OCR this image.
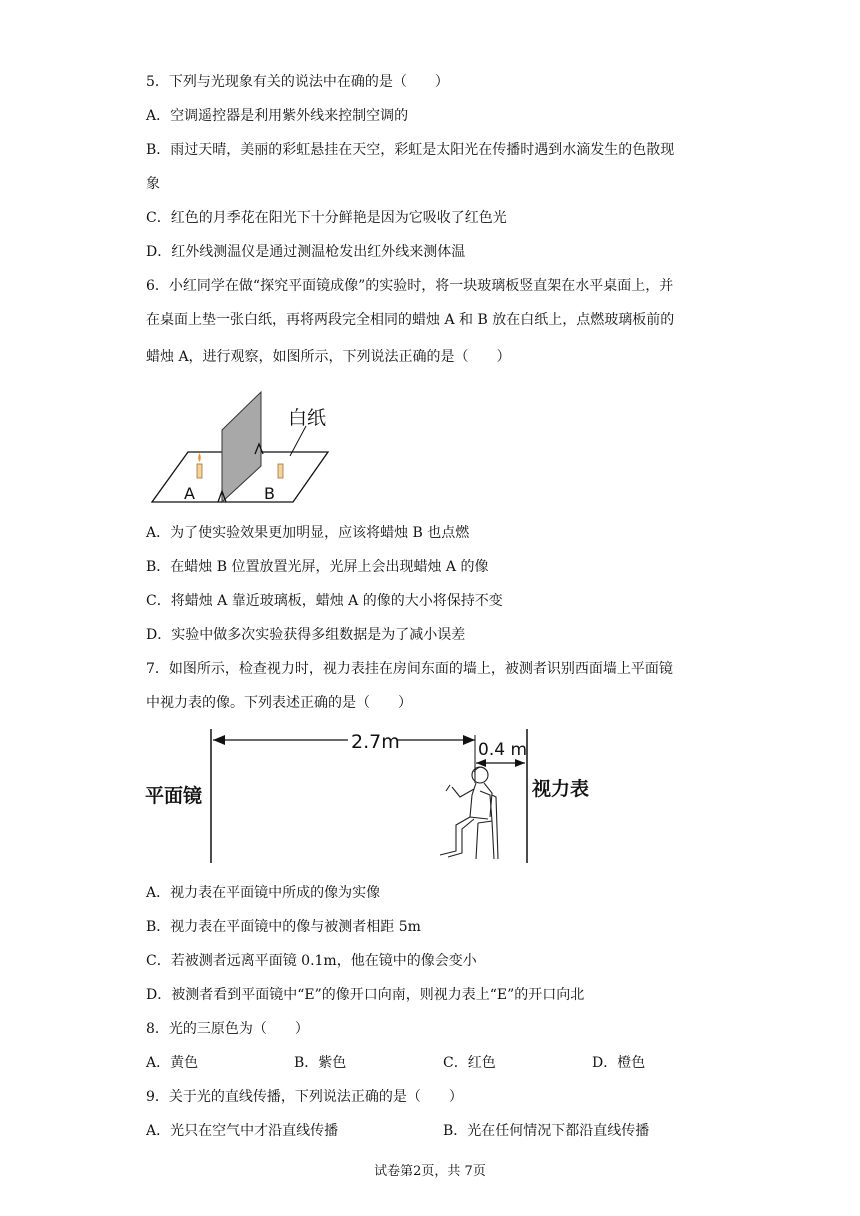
5．下列与光现象有关的说法中在确的是（　　）
A．空调遥控器是利用紫外线来控制空调的
B．雨过天晴，美丽的彩虹悬挂在天空，彩虹是太阳光在传播时遇到水滴发生的色散现
象
C．红色的月季花在阳光下十分鲜艳是因为它吸收了红色光
D．红外线测温仪是通过测温枪发出红外线来测体温
6．小红同学在做“探究平面镜成像”的实验时，将一块玻璃板竖直架在水平桌面上，并
在桌面上垫一张白纸，再将两段完全相同的蜡烛 A 和 B 放在白纸上，点燃玻璃板前的
蜡烛 A，进行观察，如图所示，下列说法正确的是（　　）
白纸
A	B
A．为了使实验效果更加明显，应该将蜡烛 B 也点燃
B．在蜡烛 B 位置放置光屏，光屏上会出现蜡烛 A 的像
C．将蜡烛 A 靠近玻璃板，蜡烛 A 的像的大小将保持不变
D．实验中做多次实验获得多组数据是为了减小误差
7．如图所示，检查视力时，视力表挂在房间东面的墙上，被测者识别西面墙上平面镜
中视力表的像。下列表述正确的是（　　）
2.7m	0.4 m
平面镜	视力表
A．视力表在平面镜中所成的像为实像
B．视力表在平面镜中的像与被测者相距 5m
C．若被测者远离平面镜 0.1m，他在镜中的像会变小
D．被测者看到平面镜中“E”的像开口向南，则视力表上“E”的开口向北
8．光的三原色为（　　）
A．黄色	B．紫色	C．红色	D．橙色
9．关于光的直线传播，下列说法正确的是（　　）
A．光只在空气中才沿直线传播	B．光在任何情况下都沿直线传播
试卷第2页，共 7页
